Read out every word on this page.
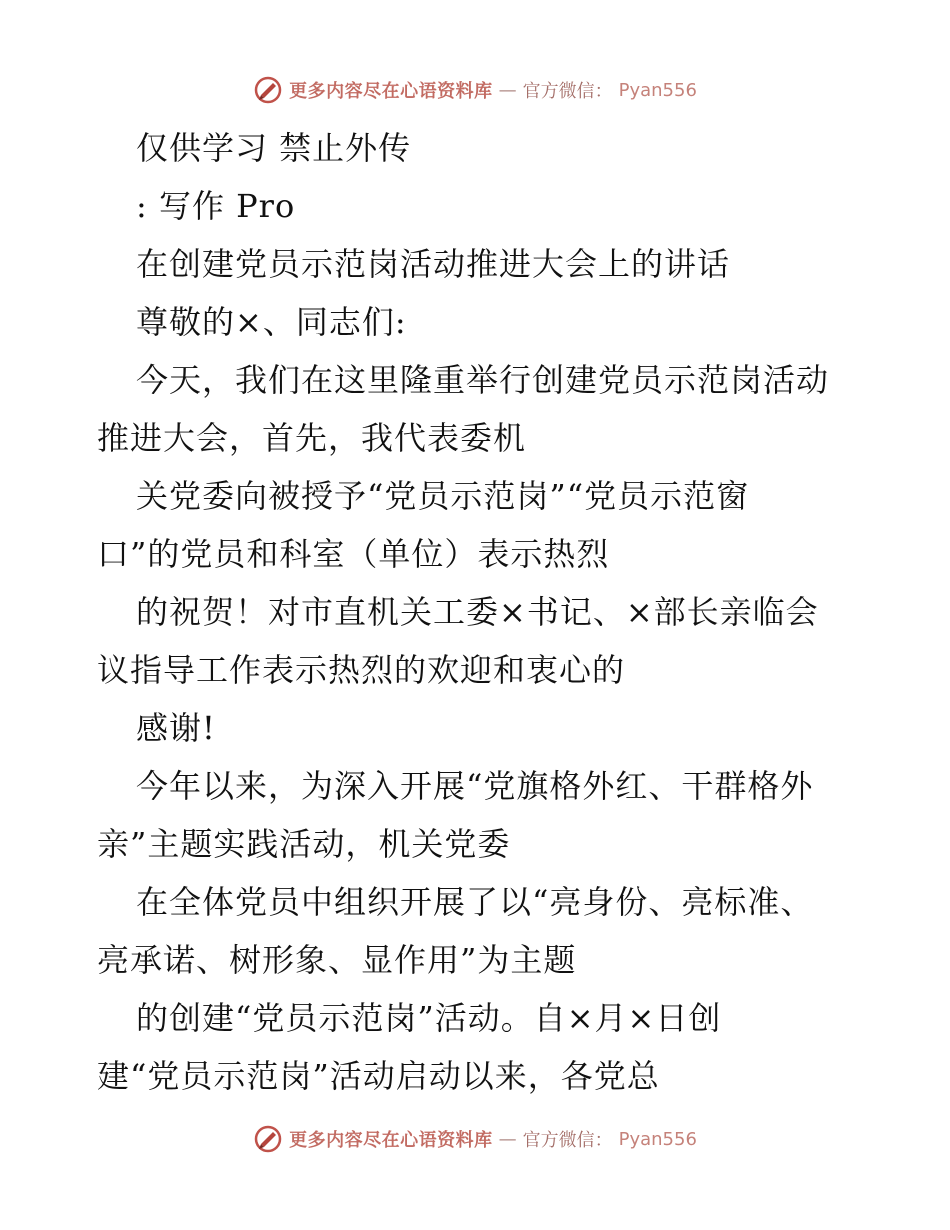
更多内容尽在心语资料库 — 官方微信： Pyan556
仅供学习 禁止外传
: 写作 Pro
在创建党员示范岗活动推进大会上的讲话
尊敬的×、同志们:
今天，我们在这里隆重举行创建党员示范岗活动
推进大会，首先，我代表委机
关党委向被授予“党员示范岗”“党员示范窗
口”的党员和科室（单位）表示热烈
的祝贺！对市直机关工委×书记、×部长亲临会
议指导工作表示热烈的欢迎和衷心的
感谢!
今年以来，为深入开展“党旗格外红、干群格外
亲”主题实践活动，机关党委
在全体党员中组织开展了以“亮身份、亮标准、
亮承诺、树形象、显作用”为主题
的创建“党员示范岗”活动。自×月×日创
建“党员示范岗”活动启动以来，各党总
更多内容尽在心语资料库 — 官方微信： Pyan556
